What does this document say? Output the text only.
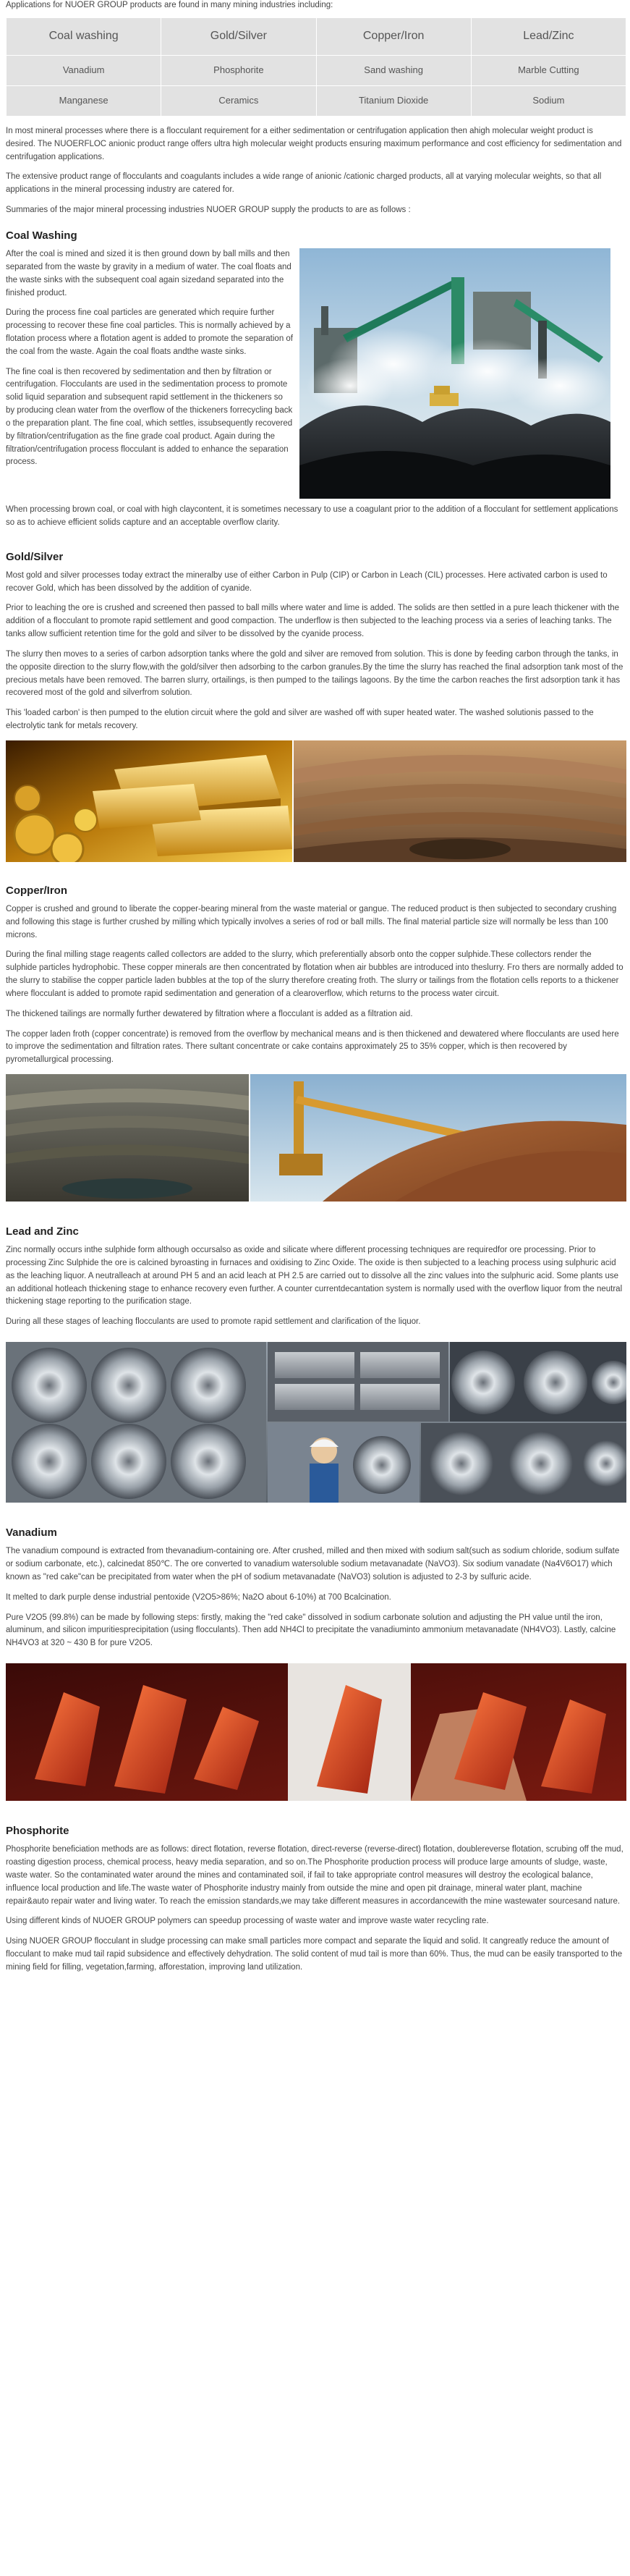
Applications for NUOER GROUP products are found in many mining industries including:

Coal washing	Gold/Silver	Copper/Iron	Lead/Zinc
Vanadium	Phosphorite	Sand washing	Marble Cutting
Manganese	Ceramics	Titanium Dioxide	Sodium

In most mineral processes where there is a flocculant requirement for a either sedimentation or centrifugation application then ahigh molecular weight product is desired. The NUOERFLOC anionic product range offers ultra high molecular weight products ensuring maximum performance and cost efficiency for sedimentation and centrifugation applications.

The extensive product range of flocculants and coagulants includes a wide range of anionic /cationic charged products, all at varying molecular weights, so that all applications in the mineral processing industry are catered for.

Summaries of the major mineral processing industries NUOER GROUP supply the products to are as follows :

Coal Washing

After the coal is mined and sized it is then ground down by ball mills and then separated from the waste by gravity in a medium of water. The coal floats and the waste sinks with the subsequent coal again sizedand separated into the finished product.

During the process fine coal particles are generated which require further processing to recover these fine coal particles. This is normally achieved by a flotation process where a flotation agent is added to promote the separation of the coal from the waste. Again the coal floats andthe waste sinks.

The fine coal is then recovered by sedimentation and then by filtration or centrifugation. Flocculants are used in the sedimentation process to promote solid liquid separation and subsequent rapid settlement in the thickeners so by producing clean water from the overflow of the thickeners forrecycling back o the preparation plant. The fine coal, which settles, issubsequently recovered by filtration/centrifugation as the fine grade coal product. Again during the filtration/centrifugation process flocculant is added to enhance the separation process.

When processing brown coal, or coal with high claycontent, it is sometimes necessary to use a coagulant prior to the addition of a flocculant for settlement applications so as to achieve efficient solids capture and an acceptable overflow clarity.

Gold/Silver

Most gold and silver processes today extract the mineralby use of either Carbon in Pulp (CIP) or Carbon in Leach (CIL) processes. Here activated carbon is used to recover Gold, which has been dissolved by the addition of cyanide.

Prior to leaching the ore is crushed and screened then passed to ball mills where water and lime is added. The solids are then settled in a pure leach thickener with the addition of a flocculant to promote rapid settlement and good compaction. The underflow is then subjected to the leaching process via a series of leaching tanks. The tanks allow sufficient retention time for the gold and silver to be dissolved by the cyanide process.

The slurry then moves to a series of carbon adsorption tanks where the gold and silver are removed from solution. This is done by feeding carbon through the tanks, in the opposite direction to the slurry flow,with the gold/silver then adsorbing to the carbon granules.By the time the slurry has reached the final adsorption tank most of the precious metals have been removed. The barren slurry, ortailings, is then pumped to the tailings lagoons. By the time the carbon reaches the first adsorption tank it has recovered most of the gold and silverfrom solution.

This 'loaded carbon' is then pumped to the elution circuit where the gold and silver are washed off with super heated water. The washed solutionis passed to the electrolytic tank for metals recovery.

Copper/Iron

Copper is crushed and ground to liberate the copper-bearing mineral from the waste material or gangue. The reduced product is then subjected to secondary crushing and following this stage is further crushed by milling which typically involves a series of rod or ball mills. The final material particle size will normally be less than 100 microns.

During the final milling stage reagents called collectors are added to the slurry, which preferentially absorb onto the copper sulphide.These collectors render the sulphide particles hydrophobic. These copper minerals are then concentrated by flotation when air bubbles are introduced into theslurry. Fro thers are normally added to the slurry to stabilise the copper particle laden bubbles at the top of the slurry therefore creating froth. The slurry or tailings from the flotation cells reports to a thickener where flocculant is added to promote rapid sedimentation and generation of a clearoverflow, which returns to the process water circuit.

The thickened tailings are normally further dewatered by filtration where a flocculant is added as a filtration aid.

The copper laden froth (copper concentrate) is removed from the overflow by mechanical means and is then thickened and dewatered where flocculants are used here to improve the sedimentation and filtration rates. There sultant concentrate or cake contains approximately 25 to 35% copper, which is then recovered by pyrometallurgical processing.

Lead and Zinc

Zinc normally occurs inthe sulphide form although occursalso as oxide and silicate where different processing techniques are requiredfor ore processing. Prior to processing Zinc Sulphide the ore is calcined byroasting in furnaces and oxidising to Zinc Oxide. The oxide is then subjected to a leaching process using sulphuric acid as the leaching liquor. A neutralleach at around PH 5 and an acid leach at PH 2.5 are carried out to dissolve all the zinc values into the sulphuric acid. Some plants use an additional hotleach thickening stage to enhance recovery even further. A counter currentdecantation system is normally used with the overflow liquor from the neutral thickening stage reporting to the purification stage.

During all these stages of leaching flocculants are used to promote rapid settlement and clarification of the liquor.

Vanadium

The vanadium compound is extracted from thevanadium-containing ore. After crushed, milled and then mixed with sodium salt(such as sodium chloride, sodium sulfate or sodium carbonate, etc.), calcinedat 850℃. The ore converted to vanadium watersoluble sodium metavanadate (NaVO3). Six sodium vanadate (Na4V6O17) which known as "red cake"can be precipitated from water when the pH of sodium metavanadate (NaVO3) solution is adjusted to 2-3 by sulfuric acide.

It melted to dark purple dense industrial pentoxide (V2O5>86%; Na2O about 6-10%) at 700 Bcalcination.

Pure V2O5 (99.8%) can be made by following steps: firstly, making the "red cake" dissolved in sodium carbonate solution and adjusting the PH value until the iron, aluminum, and silicon impuritiesprecipitation (using flocculants). Then add NH4Cl to precipitate the vanadiuminto ammonium metavanadate (NH4VO3). Lastly, calcine NH4VO3 at 320 ~ 430 B for pure V2O5.

Phosphorite

Phosphorite beneficiation methods are as follows: direct flotation, reverse flotation, direct-reverse (reverse-direct) flotation, doublereverse flotation, scrubing off the mud, roasting digestion process, chemical process, heavy media separation, and so on.The Phosphorite production process will produce large amounts of sludge, waste, waste water. So the contaminated water around the mines and contaminated soil, if fail to take appropriate control measures will destroy the ecological balance, influence local production and life.The waste water of Phosphorite industry mainly from outside the mine and open pit drainage, mineral water plant, machine repair&auto repair water and living water. To reach the emission standards,we may take different measures in accordancewith the mine wastewater sourcesand nature.

Using different kinds of NUOER GROUP polymers can speedup processing of waste water and improve waste water recycling rate.

Using NUOER GROUP flocculant in sludge processing can make small particles more compact and separate the liquid and solid. It cangreatly reduce the amount of flocculant to make mud tail rapid subsidence and effectively dehydration. The solid content of mud tail is more than 60%. Thus, the mud can be easily transported to the mining field for filling, vegetation,farming, afforestation, improving land utilization.
